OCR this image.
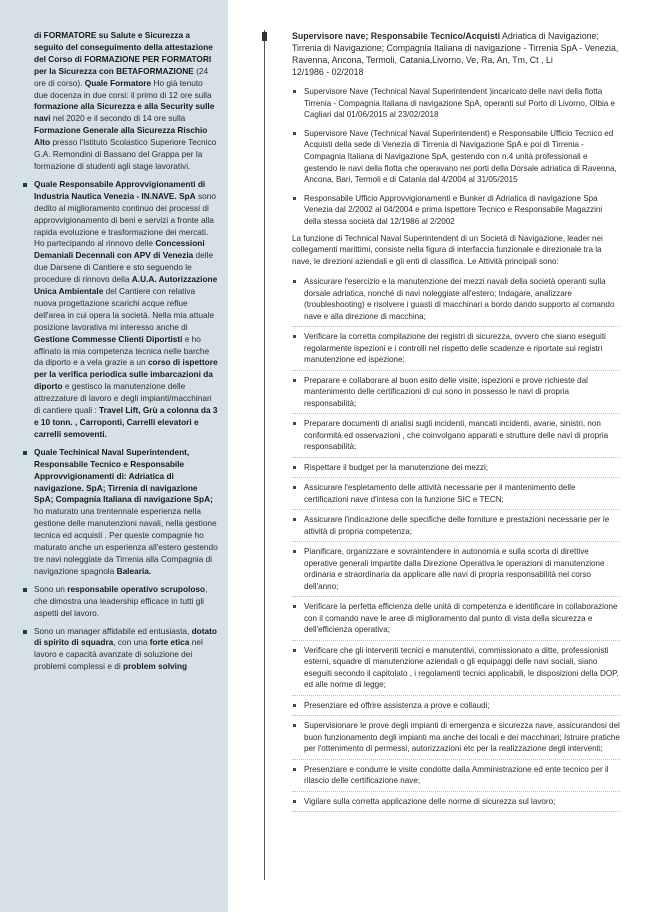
di FORMATORE su Salute e Sicurezza a seguito del conseguimento della attestazione del Corso di FORMAZIONE PER FORMATORI per la Sicurezza con BETAFORMAZIONE (24 ore di corso). Quale Formatore Ho già tenuto due docenza in due corsi: il primo di 12 ore sulla formazione alla Sicurezza e alla Security sulle navi nel 2020 e il secondo di 14 ore sulla Formazione Generale alla Sicurezza Rischio Alto presso l'Istituto Scolastico Superiore Tecnico G.A. Remondini di Bassano del Grappa per la formazione di studenti agli stage lavorativi.
Quale Responsabile Approvvigionamenti di Industria Nautica Venezia - IN.NAVE. SpA sono dedito al miglioramento continuo dei processi di approvvigionamento di beni e servizi a fronte alla rapida evoluzione e trasformazione dei mercati. Ho partecipando al rinnovo delle Concessioni Demaniali Decennali con APV di Venezia delle due Darsene di Cantiere e sto seguendo le procedure di rinnovo della A.U.A. Autorizzazione Unica Ambientale del Cantiere con relativa nuova progettazione scarichi acque reflue dell'area in cui opera la società. Nella mia attuale posizione lavorativa mi interesso anche di Gestione Commesse Clienti Diportisti e ho affinato la mia competenza tecnica nelle barche da diporto e a vela grazie a un corso di ispettore per la verifica periodica sulle imbarcazioni da diporto e gestisco la manutenzione delle attrezzature di lavoro e degli impianti/macchinari di cantiere quali : Travel Lift, Grù a colonna da 3 e 10 tonn. , Carroponti, Carrelli elevatori e carrelli semoventi.
Quale Techinical Naval Superintendent, Responsabile Tecnico e Responsabile Approvvigionamenti di: Adriatica di navigazione. SpA; Tirrenia di navigazione SpA; Compagnia Italiana di navigazione SpA; ho maturato una trentennale esperienza nella gestione delle manutenzioni navali, nella gestione tecnica ed acquisti . Per queste compagnie ho maturato anche un esperienza all'estero gestendo tre navi noleggiate da Tirrenia alla Compagnia di navigazione spagnola Balearia.
Sono un responsabile operativo scrupoloso, che dimostra una leadership efficace in tutti gli aspetti del lavoro.
Sono un manager affidabile ed entusiasta, dotato di spirito di squadra, con una forte etica nel lavoro e capacità avanzate di soluzione dei problemi complessi e di problem solving
Supervisore nave; Responsabile Tecnico/Acquisti Adriatica di Navigazione; Tirrenia di Navigazione; Compagnia Italiana di navigazione - Tirrenia SpA - Venezia, Ravenna, Ancona, Termoli, Catania,Livorno, Ve, Ra, An, Tm, Ct , Li
12/1986 - 02/2018
Supervisore Nave (Technical Naval Superintendent )incaricato delle navi della flotta Tirrenia - Compagnia Italiana di navigazione SpA, operanti sul Porto di Livorno, Olbia e Cagliari dal 01/06/2015 al 23/02/2018
Supervisore Nave (Technical Naval Superintendent) e Responsabile Ufficio Tecnico ed Acquisti della sede di Venezia di Tirrenia di Navigazione SpA e poi di Tirrenia - Compagnia Italiana di Navigazione SpA, gestendo con n.4 unità professionali e gestendo le navi della flotta che operavano nei porti della Dorsale adriatica di Ravenna, Ancona, Bari, Termoli e di Catania dal 4/2004 al 31/05/2015
Responsabile Ufficio Approvvigionamenti e Bunker di Adriatica di navigazione Spa Venezia dal 2/2002 al 04/2004 e prima Ispettore Tecnico e Responsabile Magazzini della stessa società dal 12/1986 al 2/2002
La funzione di Technical Naval Superintendent di un Società di Navigazione, leader nei collegamenti marittimi, consiste nella figura di interfaccia funzionale e direzionale tra la nave, le direzioni aziendali e gli enti di classifica. Le Attività principali sono:
Assicurare l'esercizio e la manutenzione dei mezzi navali della società operanti sulla dorsale adriatica, nonché di navi noleggiate all'estero; Indagare, analizzare (troubleshooting) e risolvere i guasti di macchinari a bordo dando supporto al comando nave e alla direzione di macchina;
Verificare la corretta compilazione dei registri di sicurezza, ovvero che siano eseguiti regolarmente ispezioni e i controlli nel rispetto delle scadenze e riportate sui registri manutenzione ed ispezione;
Preparare e collaborare al buon esito delle visite, ispezioni e prove richieste dal mantenimento delle certificazioni di cui sono in possesso le navi di propria responsabilità;
Preparare documenti di analisi sugli incidenti, mancati incidenti, avarie, sinistri, non conformità ed osservazioni , che coinvolgano apparati e strutture delle navi di propria responsabilità;
Rispettare il budget per la manutenzione dei mezzi;
Assicurare l'espletamento delle attività necessarie per il mantenimento delle certificazioni nave d'intesa con la funzione SIC e TECN;
Assicurare l'indicazione delle specifiche delle forniture e prestazioni necessarie per le attività di propria competenza;
Pianificare, organizzare e sovraintendere in autonomia e sulla scorta di direttive operative generali impartite dalla Direzione Operativa le operazioni di manutenzione ordinaria e straordinaria da applicare alle navi di propria responsabilità nel corso dell'anno;
Verificare la perfetta efficienza delle unità di competenza e identificare in collaborazione con il comando nave le aree di miglioramento dal punto di vista della sicurezza e dell'efficienza operativa;
Verificare che gli interventi tecnici e manutentivi, commissionato a ditte, professionisti esterni, squadre di manutenzione aziendali o gli equipaggi delle navi sociali, siano eseguiti secondo il capitolato , i regolamenti tecnici applicabili, le disposizioni della DOP, ed alle norme di legge;
Presenziare ed offrire assistenza a prove e collaudi;
Supervisionare le prove degli impianti di emergenza e sicurezza nave, assicurandosi del buon funzionamento degli impianti ma anche dei locali e dei macchinari; Istruire pratiche per l'ottenimento di permessi, autorizzazioni etc per la realizzazione degli interventi;
Presenziare e condurre le visite condotte dalla Amministrazione ed ente tecnico per il rilascio delle certificazione nave;
Vigilare sulla corretta applicazione delle norme di sicurezza sul lavoro;
